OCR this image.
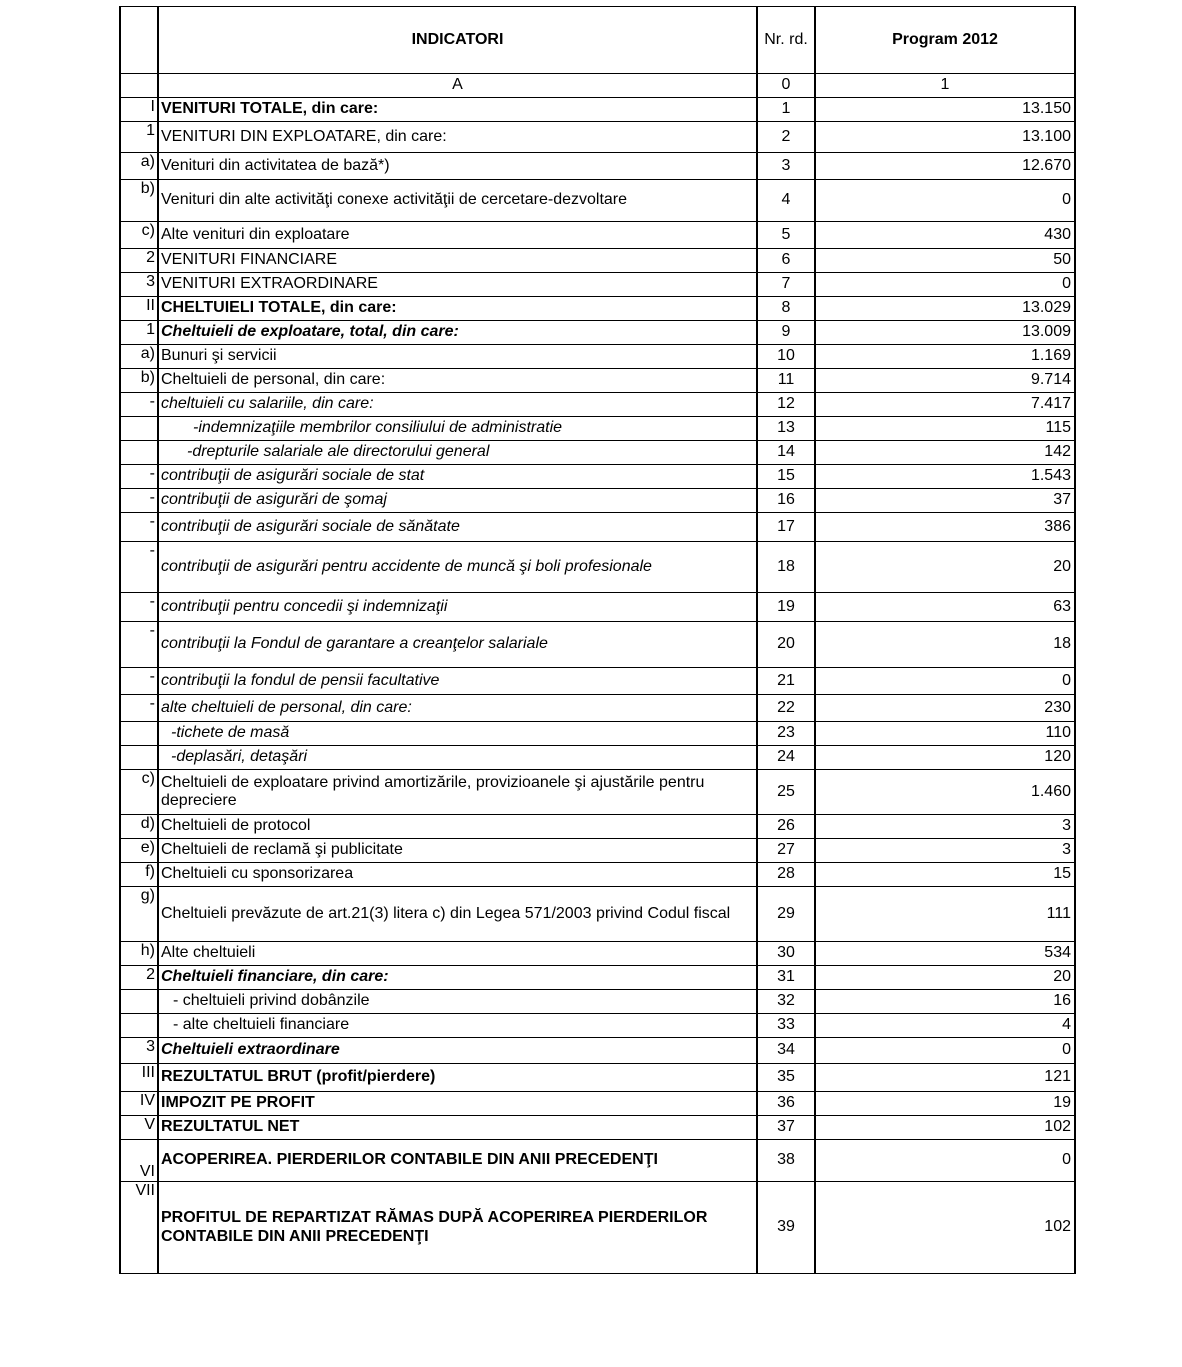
	INDICATORI	Nr. rd.	Program 2012
	A	0	1
I	VENITURI TOTALE, din care:	1	13.150
1	VENITURI DIN EXPLOATARE, din care:	2	13.100
a)	Venituri din activitatea de bază*)	3	12.670
b)	Venituri din alte activităţi conexe activităţii de cercetare-dezvoltare	4	0
c)	Alte venituri din exploatare	5	430
2	VENITURI FINANCIARE	6	50
3	VENITURI EXTRAORDINARE	7	0
II	CHELTUIELI TOTALE, din care:	8	13.029
1	Cheltuieli de exploatare, total, din care:	9	13.009
a)	Bunuri şi servicii	10	1.169
b)	Cheltuieli de personal, din care:	11	9.714
-	cheltuieli cu salariile, din care:	12	7.417
	-indemnizaţiile membrilor consiliului de administratie	13	115
	-drepturile salariale ale directorului general	14	142
-	contribuţii de asigurări sociale de stat	15	1.543
-	contribuţii de asigurări de şomaj	16	37
-	contribuţii de asigurări sociale de sănătate	17	386
-	contribuţii de asigurări pentru accidente de muncă şi boli profesionale	18	20
-	contribuţii pentru concedii şi indemnizaţii	19	63
-	contribuţii la Fondul de garantare a creanţelor salariale	20	18
-	contribuţii la fondul de pensii facultative	21	0
-	alte cheltuieli de personal, din care:	22	230
	-tichete de masă	23	110
	-deplasări, detaşări	24	120
c)	Cheltuieli de exploatare privind amortizările, provizioanele şi ajustările pentru depreciere	25	1.460
d)	Cheltuieli de protocol	26	3
e)	Cheltuieli de reclamă şi publicitate	27	3
f)	Cheltuieli cu sponsorizarea	28	15
g)	Cheltuieli prevăzute de art.21(3) litera c) din Legea 571/2003 privind Codul fiscal	29	111
h)	Alte cheltuieli	30	534
2	Cheltuieli financiare, din care:	31	20
	- cheltuieli privind dobânzile	32	16
	- alte cheltuieli financiare	33	4
3	Cheltuieli extraordinare	34	0
III	REZULTATUL BRUT (profit/pierdere)	35	121
IV	IMPOZIT PE PROFIT	36	19
V	REZULTATUL NET	37	102
VI	ACOPERIREA. PIERDERILOR CONTABILE DIN ANII PRECEDENŢI	38	0
VII	PROFITUL DE REPARTIZAT RĂMAS DUPĂ ACOPERIREA PIERDERILOR CONTABILE DIN ANII PRECEDENŢI	39	102
